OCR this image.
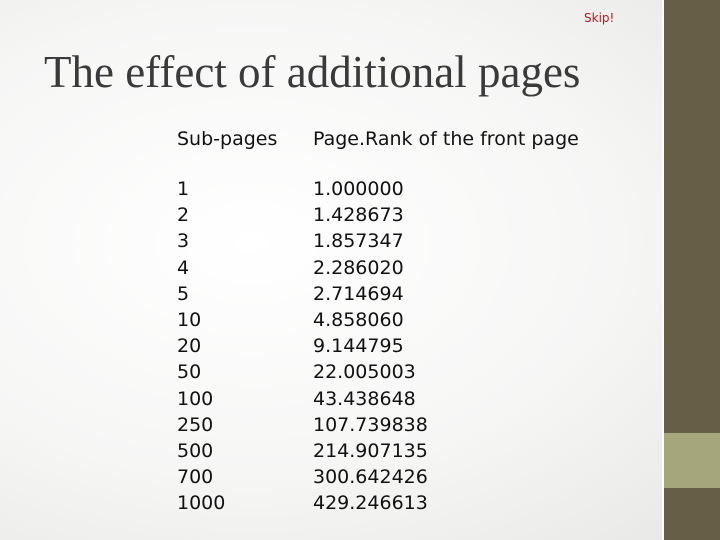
Skip!
The effect of additional pages
Sub-pages
1
2
3
4
5
10
20
50
100
250
500
700
1000
Page.Rank of the front page
1.000000
1.428673
1.857347
2.286020
2.714694
4.858060
9.144795
22.005003
43.438648
107.739838
214.907135
300.642426
429.246613
